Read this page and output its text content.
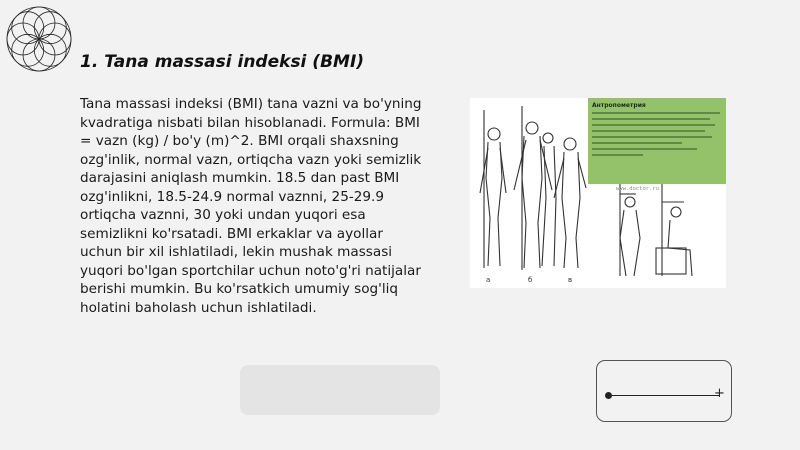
1. Tana massasi indeksi (BMI)

Tana massasi indeksi (BMI) tana vazni va bo'yning kvadratiga nisbati bilan hisoblanadi. Formula: BMI = vazn (kg) / bo'y (m)^2. BMI orqali shaxsning ozg'inlik, normal vazn, ortiqcha vazn yoki semizlik darajasini aniqlash mumkin. 18.5 dan past BMI ozg'inlikni, 18.5-24.9 normal vaznni, 25-29.9 ortiqcha vaznni, 30 yoki undan yuqori esa semizlikni ko'rsatadi. BMI erkaklar va ayollar uchun bir xil ishlatiladi, lekin mushak massasi yuqori bo'lgan sportchilar uchun noto'g'ri natijalar berishi mumkin. Bu ko'rsatkich umumiy sog'liq holatini baholash uchun ishlatiladi.

Антропометрия
www.doctor.ru
а	б	в
+
